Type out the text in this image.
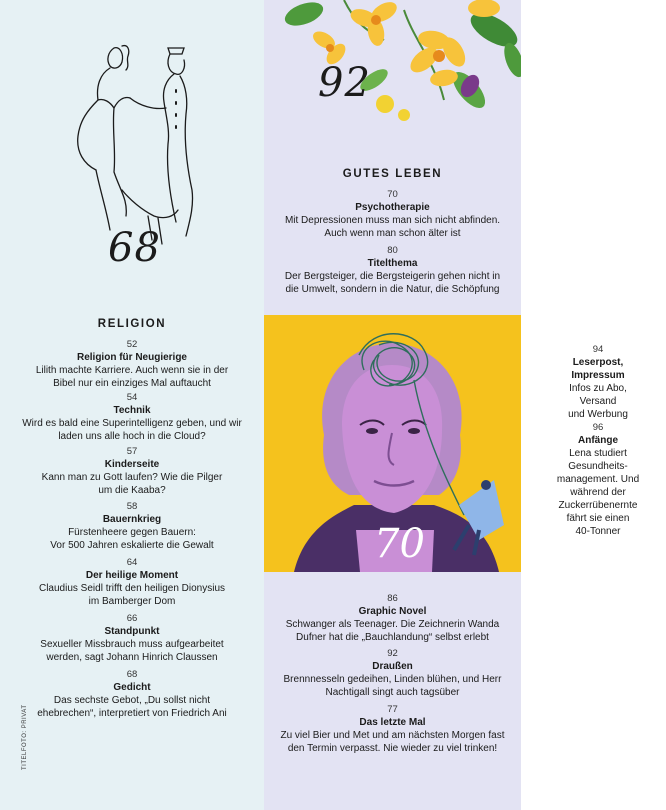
68
RELIGION
52
Religion für Neugierige
Lilith machte Karriere. Auch wenn sie in der
Bibel nur ein einziges Mal auftaucht
54
Technik
Wird es bald eine Superintelligenz geben, und wir
laden uns alle hoch in die Cloud?
57
Kinderseite
Kann man zu Gott laufen? Wie die Pilger
um die Kaaba?
58
Bauernkrieg
Fürstenheere gegen Bauern:
Vor 500 Jahren eskalierte die Gewalt
64
Der heilige Moment
Claudius Seidl trifft den heiligen Dionysius
im Bamberger Dom
66
Standpunkt
Sexueller Missbrauch muss aufgearbeitet
werden, sagt Johann Hinrich Claussen
68
Gedicht
Das sechste Gebot, „Du sollst nicht
ehebrechen“, interpretiert von Friedrich Ani
TITELFOTO: PRIVAT
92
GUTES LEBEN
70
Psychotherapie
Mit Depressionen muss man sich nicht abfinden.
Auch wenn man schon älter ist
80
Titelthema
Der Bergsteiger, die Bergsteigerin gehen nicht in
die Umwelt, sondern in die Natur, die Schöpfung
70
86
Graphic Novel
Schwanger als Teenager. Die Zeichnerin Wanda
Dufner hat die „Bauchlandung“ selbst erlebt
92
Draußen
Brennnesseln gedeihen, Linden blühen, und Herr
Nachtigall singt auch tagsüber
77
Das letzte Mal
Zu viel Bier und Met und am nächsten Morgen fast
den Termin verpasst. Nie wieder zu viel trinken!
94
Leserpost,
Impressum
Infos zu Abo,
Versand
und Werbung
96
Anfänge
Lena studiert
Gesundheits-
management. Und
während der
Zuckerrübenernte
fährt sie einen
40-Tonner
